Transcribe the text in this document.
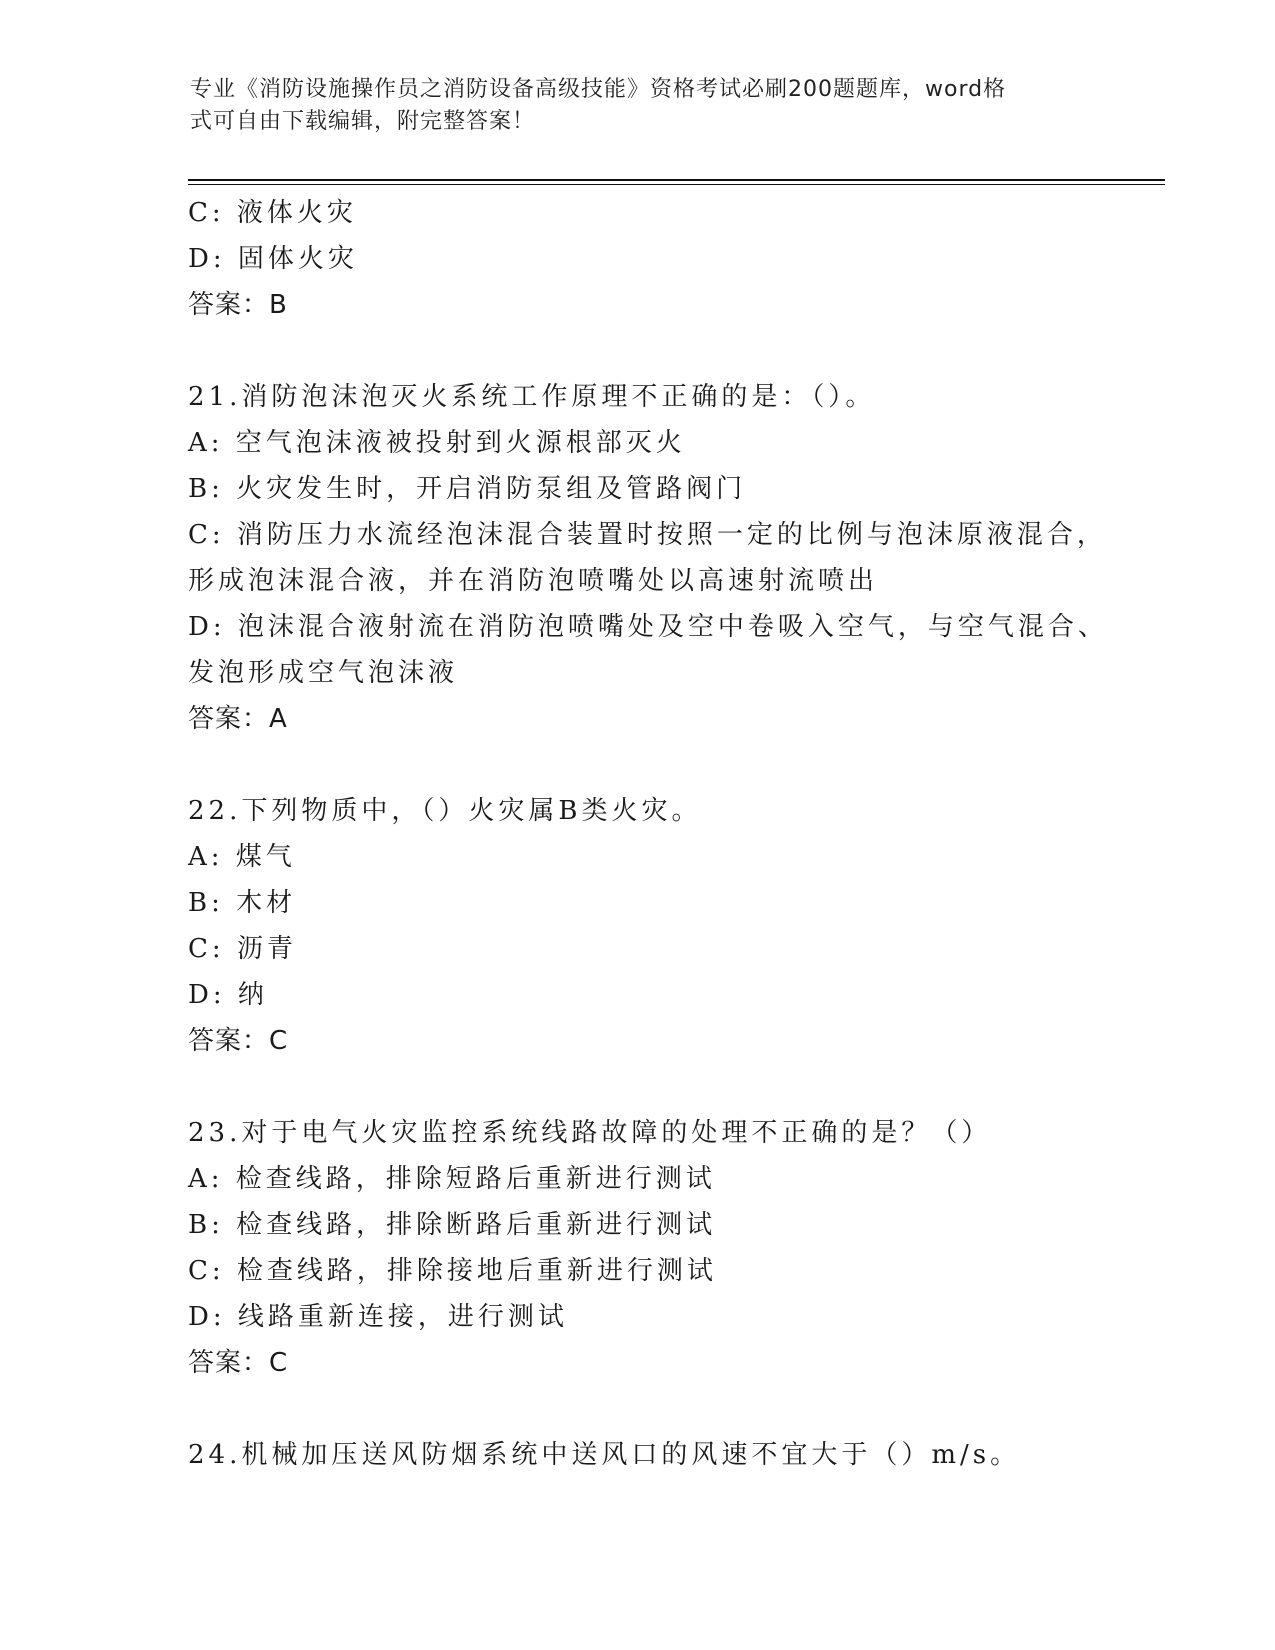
专业《消防设施操作员之消防设备高级技能》资格考试必刷200题题库，word格
式可自由下载编辑，附完整答案！
C: 液体火灾
D: 固体火灾
答案：B
21.消防泡沫泡灭火系统工作原理不正确的是：（）。
A: 空气泡沫液被投射到火源根部灭火
B: 火灾发生时，开启消防泵组及管路阀门
C: 消防压力水流经泡沫混合装置时按照一定的比例与泡沫原液混合，
形成泡沫混合液，并在消防泡喷嘴处以高速射流喷出
D: 泡沫混合液射流在消防泡喷嘴处及空中卷吸入空气，与空气混合、
发泡形成空气泡沫液
答案：A
22.下列物质中，（）火灾属B类火灾。
A: 煤气
B: 木材
C: 沥青
D: 纳
答案：C
23.对于电气火灾监控系统线路故障的处理不正确的是？（）
A: 检查线路，排除短路后重新进行测试
B: 检查线路，排除断路后重新进行测试
C: 检查线路，排除接地后重新进行测试
D: 线路重新连接，进行测试
答案：C
24.机械加压送风防烟系统中送风口的风速不宜大于（）m/s。
